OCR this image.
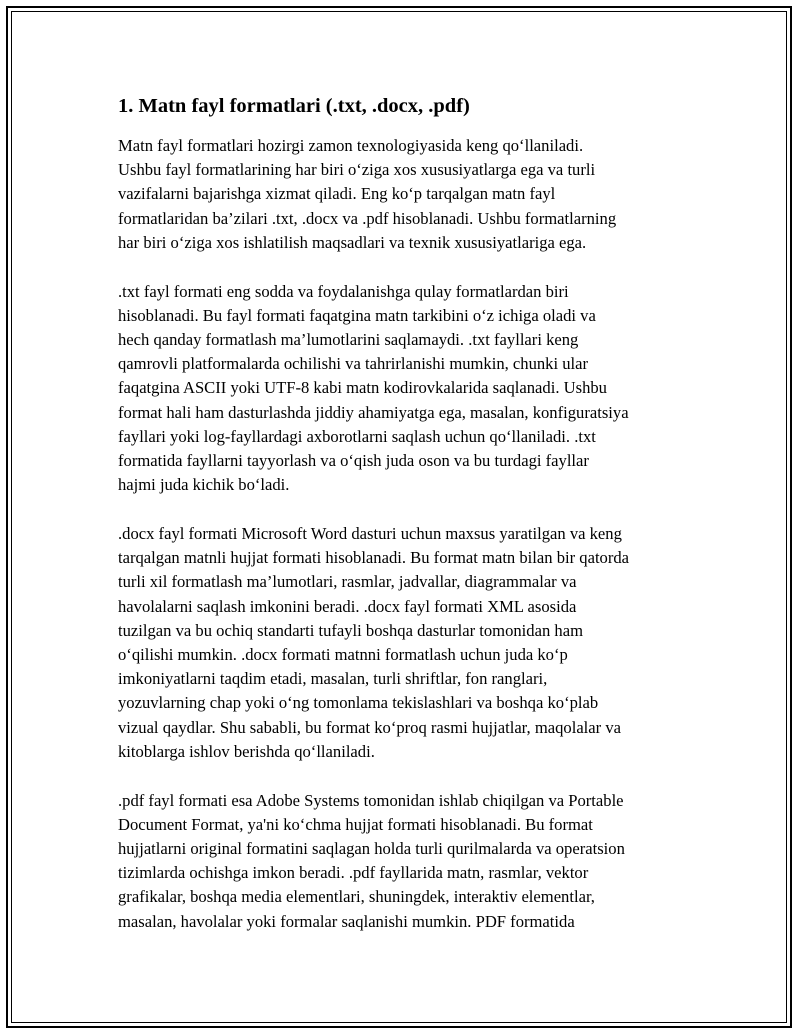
1. Matn fayl formatlari (.txt, .docx, .pdf)

Matn fayl formatlari hozirgi zamon texnologiyasida keng qo‘llaniladi.
Ushbu fayl formatlarining har biri o‘ziga xos xususiyatlarga ega va turli
vazifalarni bajarishga xizmat qiladi. Eng ko‘p tarqalgan matn fayl
formatlaridan ba’zilari .txt, .docx va .pdf hisoblanadi. Ushbu formatlarning
har biri o‘ziga xos ishlatilish maqsadlari va texnik xususiyatlariga ega.

.txt fayl formati eng sodda va foydalanishga qulay formatlardan biri
hisoblanadi. Bu fayl formati faqatgina matn tarkibini o‘z ichiga oladi va
hech qanday formatlash ma’lumotlarini saqlamaydi. .txt fayllari keng
qamrovli platformalarda ochilishi va tahrirlanishi mumkin, chunki ular
faqatgina ASCII yoki UTF-8 kabi matn kodirovkalarida saqlanadi. Ushbu
format hali ham dasturlashda jiddiy ahamiyatga ega, masalan, konfiguratsiya
fayllari yoki log-fayllardagi axborotlarni saqlash uchun qo‘llaniladi. .txt
formatida fayllarni tayyorlash va o‘qish juda oson va bu turdagi fayllar
hajmi juda kichik bo‘ladi.

.docx fayl formati Microsoft Word dasturi uchun maxsus yaratilgan va keng
tarqalgan matnli hujjat formati hisoblanadi. Bu format matn bilan bir qatorda
turli xil formatlash ma’lumotlari, rasmlar, jadvallar, diagrammalar va
havolalarni saqlash imkonini beradi. .docx fayl formati XML asosida
tuzilgan va bu ochiq standarti tufayli boshqa dasturlar tomonidan ham
o‘qilishi mumkin. .docx formati matnni formatlash uchun juda ko‘p
imkoniyatlarni taqdim etadi, masalan, turli shriftlar, fon ranglari,
yozuvlarning chap yoki o‘ng tomonlama tekislashlari va boshqa ko‘plab
vizual qaydlar. Shu sababli, bu format ko‘proq rasmi hujjatlar, maqolalar va
kitoblarga ishlov berishda qo‘llaniladi.

.pdf fayl formati esa Adobe Systems tomonidan ishlab chiqilgan va Portable
Document Format, ya'ni ko‘chma hujjat formati hisoblanadi. Bu format
hujjatlarni original formatini saqlagan holda turli qurilmalarda va operatsion
tizimlarda ochishga imkon beradi. .pdf fayllarida matn, rasmlar, vektor
grafikalar, boshqa media elementlari, shuningdek, interaktiv elementlar,
masalan, havolalar yoki formalar saqlanishi mumkin. PDF formatida
